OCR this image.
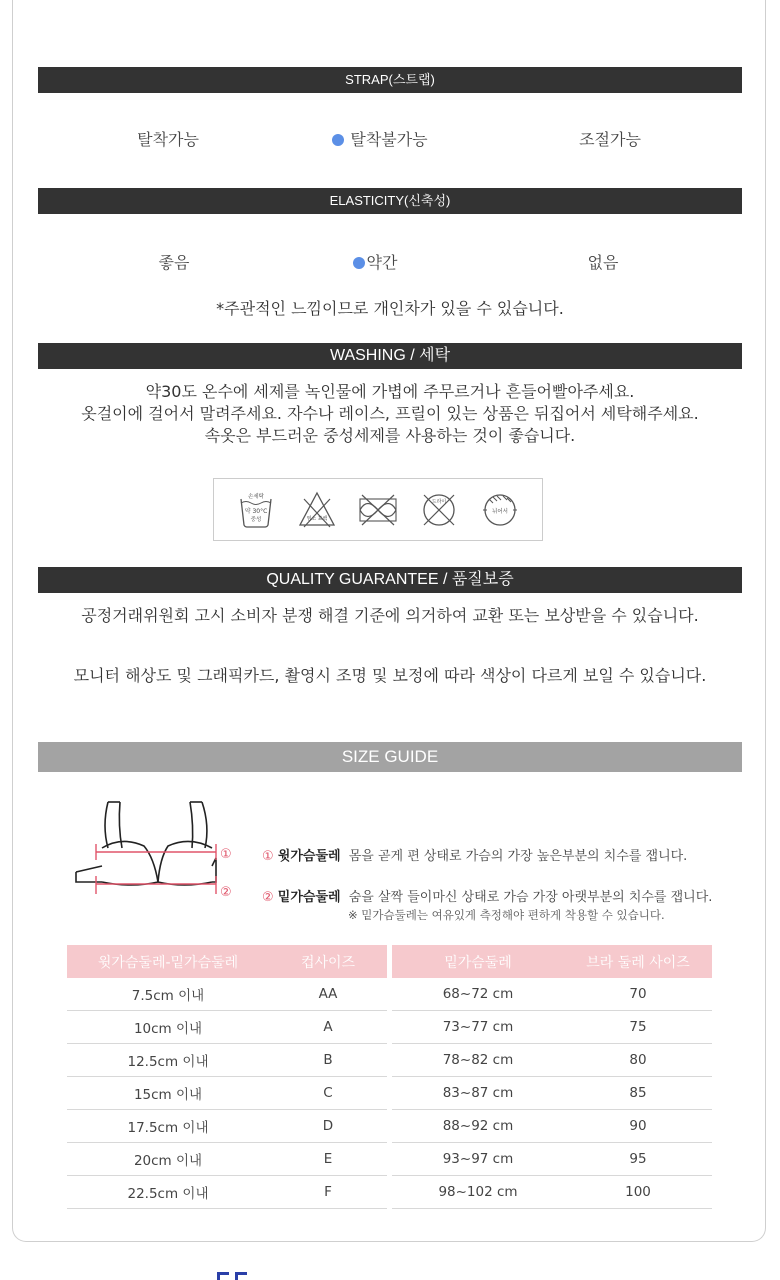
STRAP(스트랩)
탈착가능	탈착불가능	조절가능
ELASTICITY(신축성)
좋음	약간	없음
*주관적인 느낌이므로 개인차가 있을 수 있습니다.
WASHING / 세탁

약30도 온수에 세제를 녹인물에 가볍에 주무르거나 흔들어빨아주세요.

옷걸이에 걸어서 말려주세요. 자수나 레이스, 프릴이 있는 상품은 뒤집어서 세탁해주세요.

속옷은 부드러운 중성세제를 사용하는 것이 좋습니다.

손세탁
약 30°C
중성	염소 표백
드라이
뉘어서
QUALITY GUARANTEE / 품질보증
공정거래위원회 고시 소비자 분쟁 해결 기준에 의거하여 교환 또는 보상받을 수 있습니다.
모니터 해상도 및 그래픽카드, 촬영시 조명 및 보정에 따라 색상이 다르게 보일 수 있습니다.
SIZE GUIDE
①
②
① 윗가슴둘레 몸을 곧게 편 상태로 가슴의 가장 높은부분의 치수를 잽니다.
② 밑가슴둘레 숨을 살짝 들이마신 상태로 가슴 가장 아랫부분의 치수를 잽니다.
※ 밑가슴둘레는 여유있게 측정해야 편하게 착용할 수 있습니다.
윗가슴둘레-밑가슴둘레	컵사이즈
7.5cm 이내	AA
10cm 이내	A
12.5cm 이내	B
15cm 이내	C
17.5cm 이내	D
20cm 이내	E
22.5cm 이내	F
밑가슴둘레	브라 둘레 사이즈
68~72 cm	70
73~77 cm	75
78~82 cm	80
83~87 cm	85
88~92 cm	90
93~97 cm	95
98~102 cm	100
